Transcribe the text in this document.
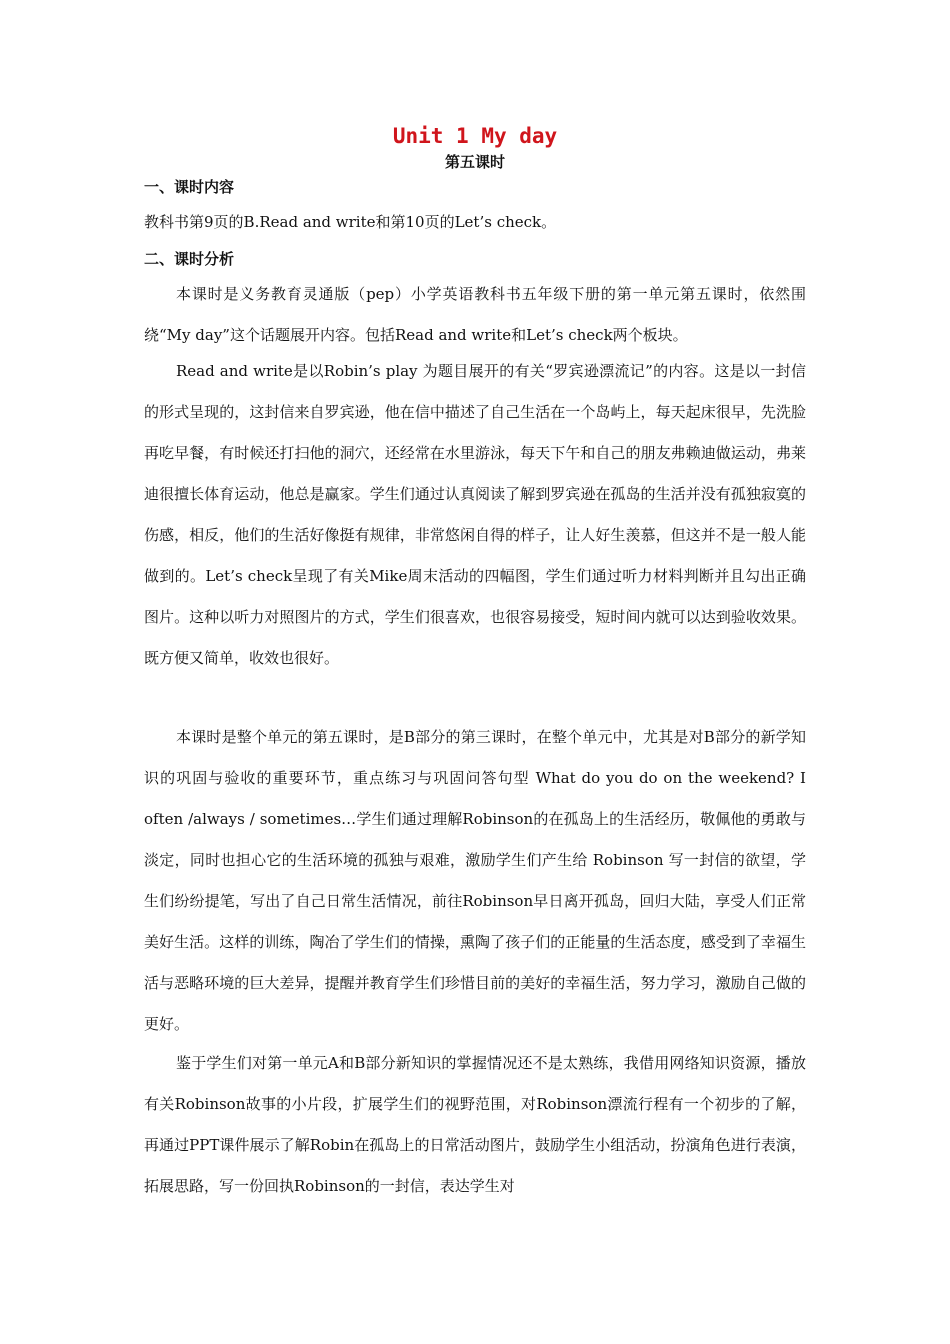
Unit 1 My day
第五课时
一、课时内容

教科书第9页的B.Read and write和第10页的Let’s check。

二、课时分析

本课时是义务教育灵通版（pep）小学英语教科书五年级下册的第一单元第五课时，依然围绕“My day”这个话题展开内容。包括Read and write和Let’s check两个板块。

Read and write是以Robin’s play 为题目展开的有关“罗宾逊漂流记”的内容。这是以一封信的形式呈现的，这封信来自罗宾逊，他在信中描述了自己生活在一个岛屿上，每天起床很早，先洗脸再吃早餐，有时候还打扫他的洞穴，还经常在水里游泳，每天下午和自己的朋友弗赖迪做运动，弗莱迪很擅长体育运动，他总是赢家。学生们通过认真阅读了解到罗宾逊在孤岛的生活并没有孤独寂寞的伤感，相反，他们的生活好像挺有规律，非常悠闲自得的样子，让人好生羡慕，但这并不是一般人能做到的。Let’s check呈现了有关Mike周末活动的四幅图，学生们通过听力材料判断并且勾出正确图片。这种以听力对照图片的方式，学生们很喜欢，也很容易接受，短时间内就可以达到验收效果。既方便又简单，收效也很好。

本课时是整个单元的第五课时，是B部分的第三课时，在整个单元中，尤其是对B部分的新学知识的巩固与验收的重要环节，重点练习与巩固问答句型 What do you do on the weekend? I often /always / sometimes…学生们通过理解Robinson的在孤岛上的生活经历，敬佩他的勇敢与淡定，同时也担心它的生活环境的孤独与艰难，激励学生们产生给 Robinson 写一封信的欲望，学生们纷纷提笔，写出了自己日常生活情况，前往Robinson早日离开孤岛，回归大陆，享受人们正常美好生活。这样的训练，陶冶了学生们的情操，熏陶了孩子们的正能量的生活态度，感受到了幸福生活与恶略环境的巨大差异，提醒并教育学生们珍惜目前的美好的幸福生活，努力学习，激励自己做的更好。

鉴于学生们对第一单元A和B部分新知识的掌握情况还不是太熟练，我借用网络知识资源，播放有关Robinson故事的小片段，扩展学生们的视野范围，对Robinson漂流行程有一个初步的了解，再通过PPT课件展示了解Robin在孤岛上的日常活动图片，鼓励学生小组活动，扮演角色进行表演，拓展思路，写一份回执Robinson的一封信，表达学生对
